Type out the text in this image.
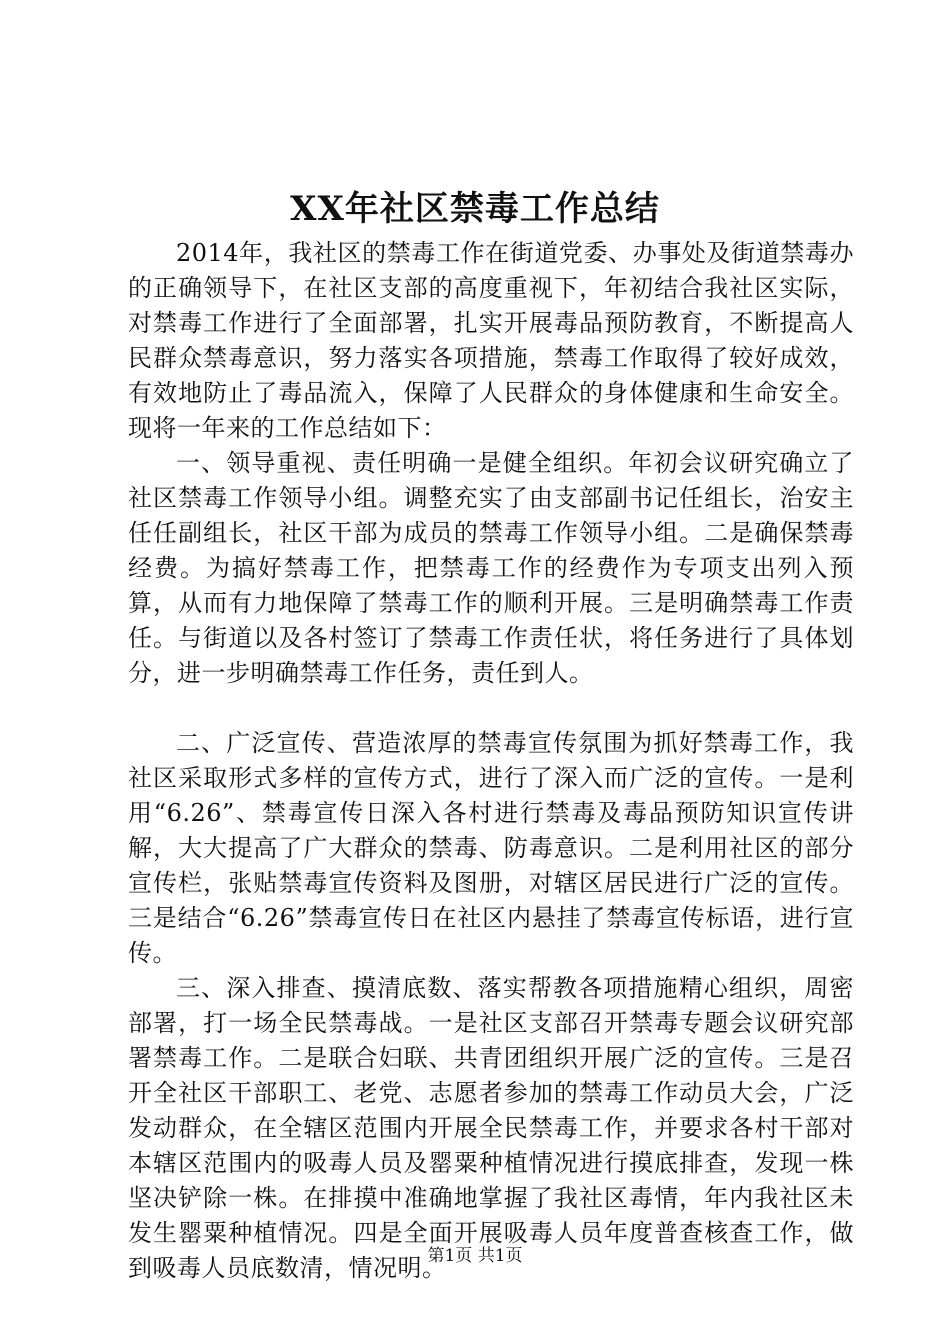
XX年社区禁毒工作总结

2014年，我社区的禁毒工作在街道党委、办事处及街道禁毒办的正确领导下，在社区支部的高度重视下，年初结合我社区实际，对禁毒工作进行了全面部署，扎实开展毒品预防教育，不断提高人民群众禁毒意识，努力落实各项措施，禁毒工作取得了较好成效，有效地防止了毒品流入，保障了人民群众的身体健康和生命安全。现将一年来的工作总结如下：

一、领导重视、责任明确一是健全组织。年初会议研究确立了社区禁毒工作领导小组。调整充实了由支部副书记任组长，治安主任任副组长，社区干部为成员的禁毒工作领导小组。二是确保禁毒经费。为搞好禁毒工作，把禁毒工作的经费作为专项支出列入预算，从而有力地保障了禁毒工作的顺利开展。三是明确禁毒工作责任。与街道以及各村签订了禁毒工作责任状，将任务进行了具体划分，进一步明确禁毒工作任务，责任到人。

二、广泛宣传、营造浓厚的禁毒宣传氛围为抓好禁毒工作，我社区采取形式多样的宣传方式，进行了深入而广泛的宣传。一是利用“6.26”、禁毒宣传日深入各村进行禁毒及毒品预防知识宣传讲解，大大提高了广大群众的禁毒、防毒意识。二是利用社区的部分宣传栏，张贴禁毒宣传资料及图册，对辖区居民进行广泛的宣传。三是结合“6.26”禁毒宣传日在社区内悬挂了禁毒宣传标语，进行宣传。

三、深入排查、摸清底数、落实帮教各项措施精心组织，周密部署，打一场全民禁毒战。一是社区支部召开禁毒专题会议研究部署禁毒工作。二是联合妇联、共青团组织开展广泛的宣传。三是召开全社区干部职工、老党、志愿者参加的禁毒工作动员大会，广泛发动群众，在全辖区范围内开展全民禁毒工作，并要求各村干部对本辖区范围内的吸毒人员及罂粟种植情况进行摸底排查，发现一株坚决铲除一株。在排摸中准确地掌握了我社区毒情，年内我社区未发生罂粟种植情况。四是全面开展吸毒人员年度普查核查工作，做到吸毒人员底数清，情况明。

第1页 共1页
